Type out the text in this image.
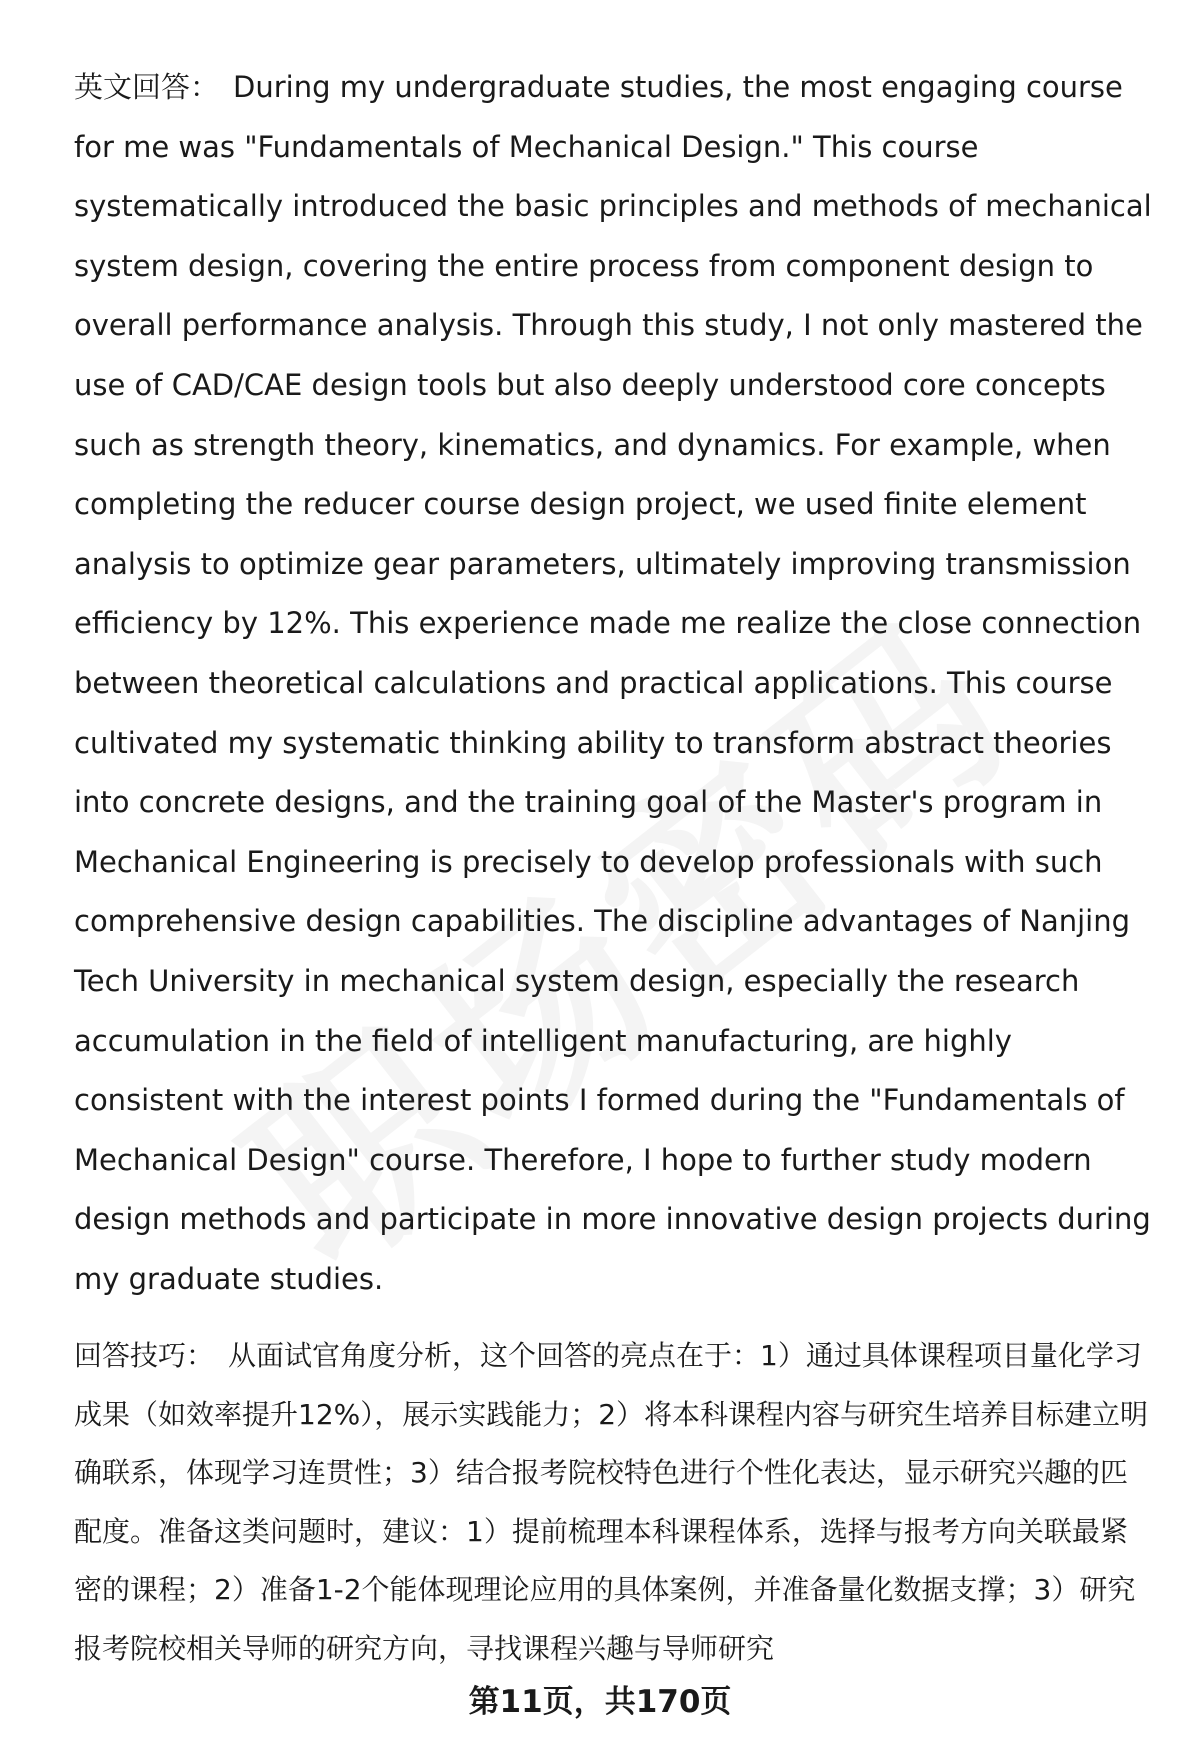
英文回答： During my undergraduate studies, the most engaging course for me was "Fundamentals of Mechanical Design." This course systematically introduced the basic principles and methods of mechanical system design, covering the entire process from component design to overall performance analysis. Through this study, I not only mastered the use of CAD/CAE design tools but also deeply understood core concepts such as strength theory, kinematics, and dynamics. For example, when completing the reducer course design project, we used finite element analysis to optimize gear parameters, ultimately improving transmission efficiency by 12%. This experience made me realize the close connection between theoretical calculations and practical applications. This course cultivated my systematic thinking ability to transform abstract theories into concrete designs, and the training goal of the Master's program in Mechanical Engineering is precisely to develop professionals with such comprehensive design capabilities. The discipline advantages of Nanjing Tech University in mechanical system design, especially the research accumulation in the field of intelligent manufacturing, are highly consistent with the interest points I formed during the "Fundamentals of Mechanical Design" course. Therefore, I hope to further study modern design methods and participate in more innovative design projects during my graduate studies.

回答技巧： 从面试官角度分析，这个回答的亮点在于：1）通过具体课程项目量化学习成果（如效率提升12%），展示实践能力；2）将本科课程内容与研究生培养目标建立明确联系，体现学习连贯性；3）结合报考院校特色进行个性化表达，显示研究兴趣的匹配度。准备这类问题时，建议：1）提前梳理本科课程体系，选择与报考方向关联最紧密的课程；2）准备1-2个能体现理论应用的具体案例，并准备量化数据支撑；3）研究报考院校相关导师的研究方向，寻找课程兴趣与导师研究

第11页，共170页
